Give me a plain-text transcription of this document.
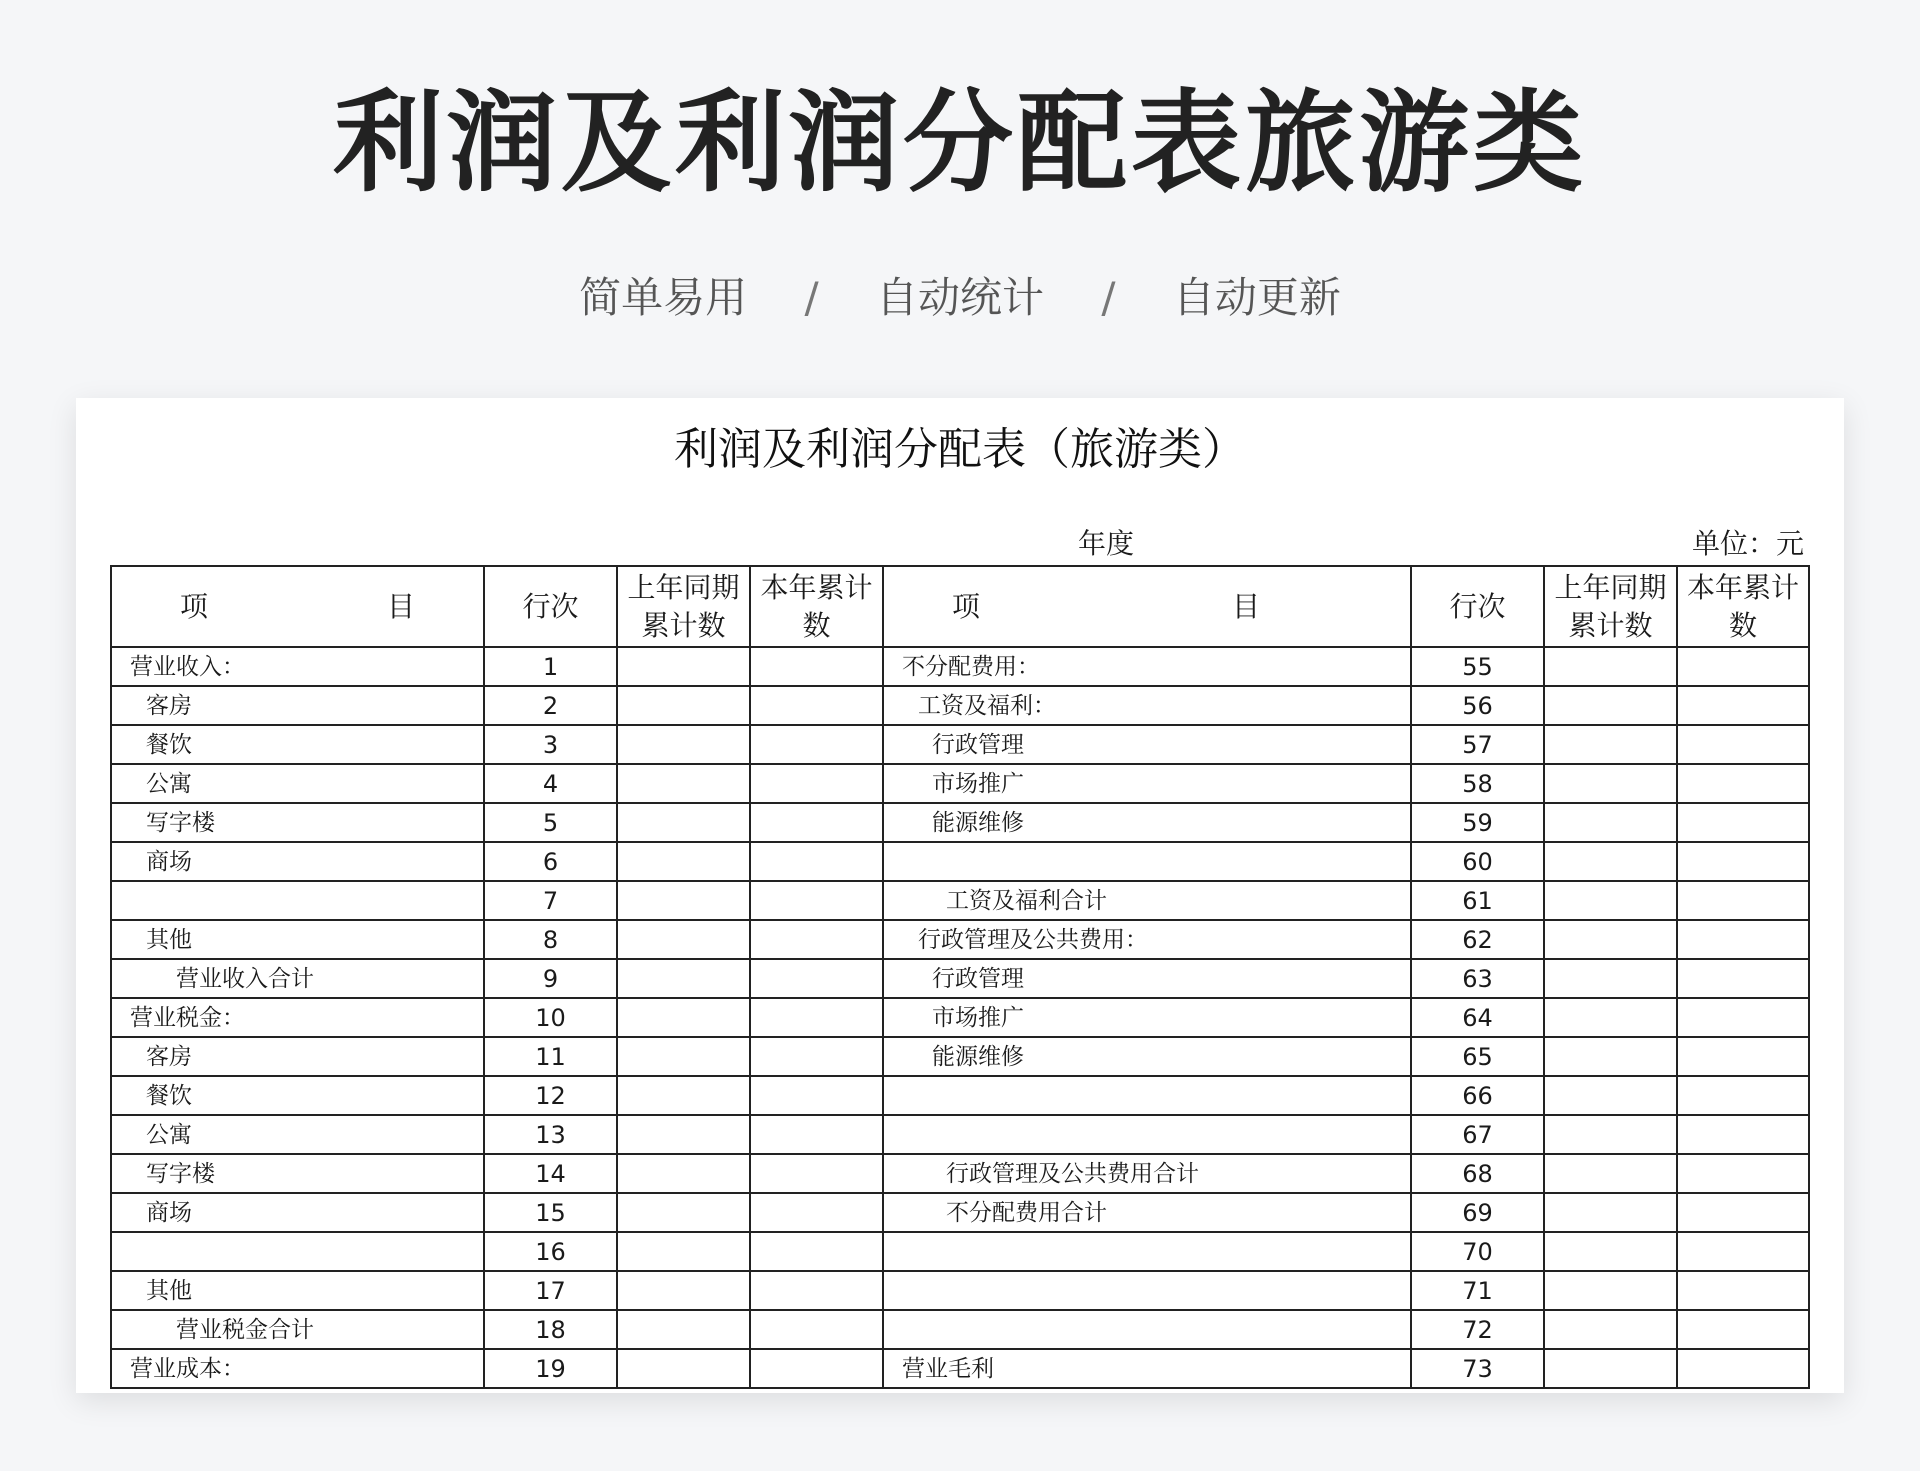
利润及利润分配表旅游类
简单易用 / 自动统计 / 自动更新
利润及利润分配表（旅游类）
年度	单位：元
项 目	行次	上年同期累计数	本年累计数	项 目	行次	上年同期累计数	本年累计数
营业收入：	1			不分配费用：	55		
客房	2			工资及福利：	56		
餐饮	3			行政管理	57		
公寓	4			市场推广	58		
写字楼	5			能源维修	59		
商场	6				60		
	7			工资及福利合计	61		
其他	8			行政管理及公共费用：	62		
营业收入合计	9			行政管理	63		
营业税金：	10			市场推广	64		
客房	11			能源维修	65		
餐饮	12				66		
公寓	13				67		
写字楼	14			行政管理及公共费用合计	68		
商场	15			不分配费用合计	69		
	16				70		
其他	17				71		
营业税金合计	18				72		
营业成本：	19			营业毛利	73		
